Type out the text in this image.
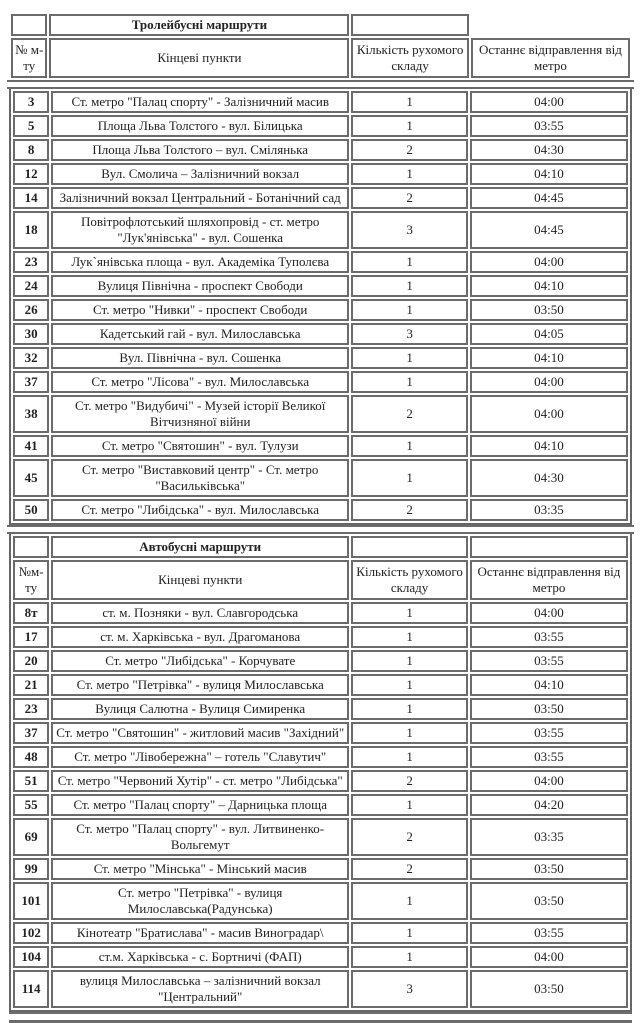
	Тролейбусні маршрути		
№ м-ту	Кінцеві пункти	Кількість рухомого складу	Останнє відправлення від метро
3	Ст. метро "Палац спорту" - Залізничний масив	1	04:00
5	Площа Льва Толстого - вул. Білицька	1	03:55
8	Площа Льва Толстого – вул. Смілянька	2	04:30
12	Вул. Смолича – Залізничний вокзал	1	04:10
14	Залізничний вокзал Центральний - Ботанічний сад	2	04:45
18	Повітрофлотський шляхопровід - ст. метро "Лук'янівська" - вул. Сошенка	3	04:45
23	Лук`янівська площа - вул. Академіка Туполєва	1	04:00
24	Вулиця Північна - проспект Свободи	1	04:10
26	Ст. метро "Нивки" - проспект Свободи	1	03:50
30	Кадетський гай - вул. Милославська	3	04:05
32	Вул. Північна - вул. Сошенка	1	04:10
37	Ст. метро "Лісова" - вул. Милославська	1	04:00
38	Ст. метро "Видубичі" - Музей історії Великої Вітчизняної війни	2	04:00
41	Ст. метро "Святошин" - вул. Тулузи	1	04:10
45	Ст. метро "Виставковий центр" - Ст. метро "Васильківська"	1	04:30
50	Ст. метро "Либідська" - вул. Милославська	2	03:35
	Автобусні маршрути		
№м-ту	Кінцеві пункти	Кількість рухомого складу	Останнє відправлення від метро
8т	ст. м. Позняки - вул. Славгородська	1	04:00
17	ст. м. Харківська - вул. Драгоманова	1	03:55
20	Ст. метро "Либідська" - Корчувате	1	03:55
21	Ст. метро "Петрівка" - вулиця Милославська	1	04:10
23	Вулиця Салютна - Вулиця Симиренка	1	03:50
37	Ст. метро "Святошин" - житловий масив "Західний"	1	03:55
48	Ст. метро "Лівобережна" – готель "Славутич"	1	03:55
51	Ст. метро "Червоний Хутір" - ст. метро "Либідська"	2	04:00
55	Ст. метро "Палац спорту" – Дарницька площа	1	04:20
69	Ст. метро "Палац спорту" - вул. Литвиненко-Вольгемут	2	03:35
99	Ст. метро "Мінська" - Мінський масив	2	03:50
101	Ст. метро "Петрівка" - вулиця Милославська(Радунська)	1	03:50
102	Кінотеатр "Братислава" - масив Виноградар\	1	03:55
104	ст.м. Харківська - с. Бортничі (ФАП)	1	04:00
114	вулиця Милославська – залізничний вокзал "Центральний"	3	03:50
